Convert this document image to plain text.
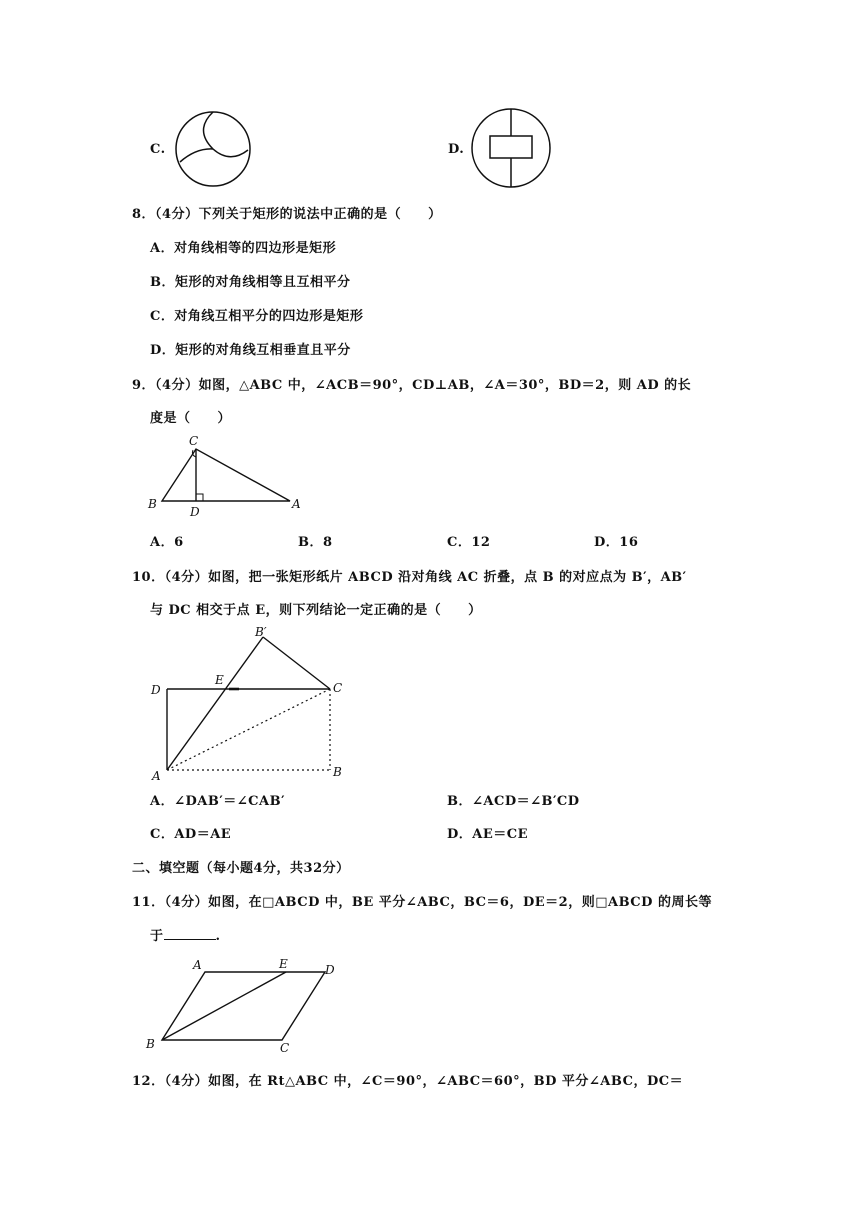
C.	D.
8．（4分）下列关于矩形的说法中正确的是（　　）
A．对角线相等的四边形是矩形
B．矩形的对角线相等且互相平分
C．对角线互相平分的四边形是矩形
D．矩形的对角线互相垂直且平分
9．（4分）如图，△ABC 中，∠ACB＝90°，CD⊥AB，∠A＝30°，BD＝2，则 AD 的长
度是（　　）
C
B
D
A
A．6	B．8	C．12	D．16
10．（4分）如图，把一张矩形纸片 ABCD 沿对角线 AC 折叠，点 B 的对应点为 B′，AB′
与 DC 相交于点 E，则下列结论一定正确的是（　　）
B′
D
E
C
A	B
A．∠DAB′＝∠CAB′	B．∠ACD＝∠B′CD
C．AD＝AE	D．AE＝CE
二、填空题（每小题4分，共32分）
11．（4分）如图，在□ABCD 中，BE 平分∠ABC，BC＝6，DE＝2，则□ABCD 的周长等
于	.
A	E	D
B	C
12．（4分）如图，在 Rt△ABC 中，∠C＝90°，∠ABC＝60°，BD 平分∠ABC，DC＝
